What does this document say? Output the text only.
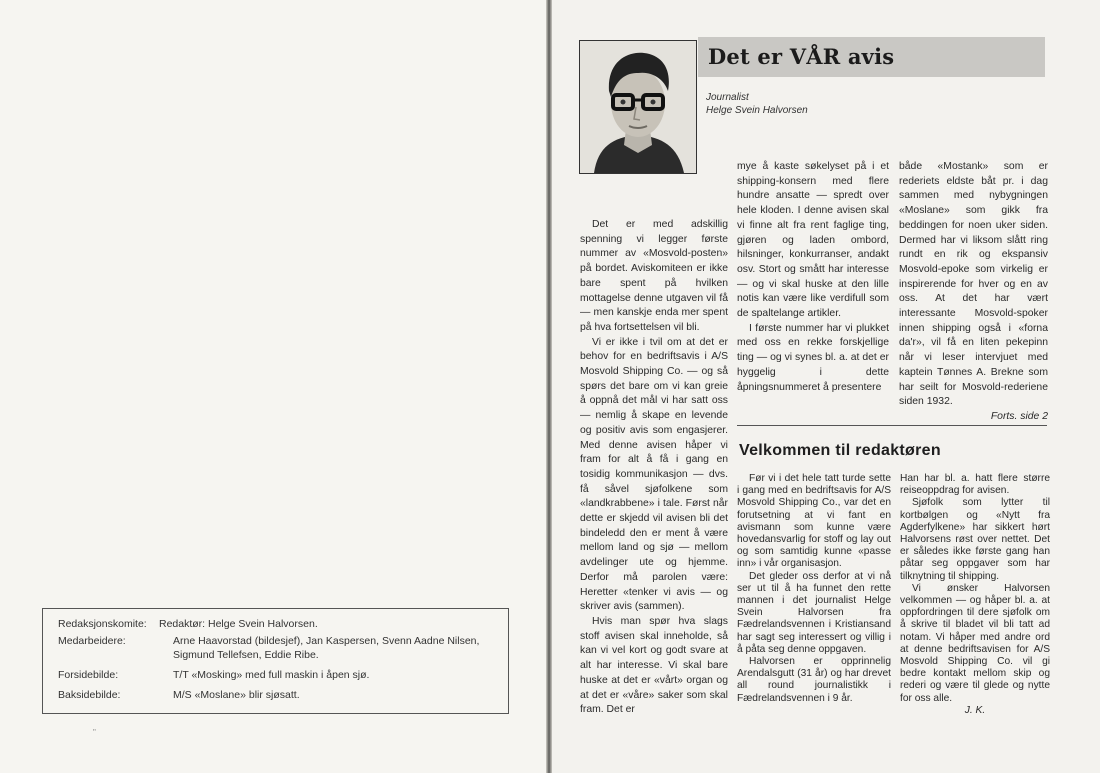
Redaksjonskomite:	Redaktør: Helge Svein Halvorsen.
Medarbeidere:	Arne Haavorstad (bildesjef), Jan Kaspersen, Svenn Aadne Nilsen, Sigmund Tellefsen, Eddie Ribe.
Forsidebilde:	T/T «Mosking» med full maskin i åpen sjø.
Baksidebilde:	M/S «Moslane» blir sjøsatt.
"
Det er VÅR avis
Journalist
Helge Svein Halvorsen

Det er med adskillig spenning vi legger første nummer av «Mosvold-posten» på bordet. Aviskomiteen er ikke bare spent på hvilken mottagelse denne utgaven vil få — men kanskje enda mer spent på hva fortsettelsen vil bli.

Vi er ikke i tvil om at det er behov for en bedriftsavis i A/S Mosvold Shipping Co. — og så spørs det bare om vi kan greie å oppnå det mål vi har satt oss — nemlig å skape en levende og positiv avis som engasjerer. Med denne avisen håper vi fram for alt å få i gang en tosidig kommunikasjon — dvs. få såvel sjøfolkene som «landkrabbene» i tale. Først når dette er skjedd vil avisen bli det bindeledd den er ment å være mellom land og sjø — mellom avdelinger ute og hjemme. Derfor må parolen være: Heretter «tenker vi avis — og skriver avis (sammen).

Hvis man spør hva slags stoff avisen skal inneholde, så kan vi vel kort og godt svare at alt har interesse. Vi skal bare huske at det er «vårt» organ og at det er «våre» saker som skal fram. Det er

mye å kaste søkelyset på i et shipping-konsern med flere hundre ansatte — spredt over hele kloden. I denne avisen skal vi finne alt fra rent faglige ting, gjøren og laden ombord, hilsninger, konkurranser, andakt osv. Stort og smått har interesse — og vi skal huske at den lille notis kan være like verdifull som de spaltelange artikler.

I første nummer har vi plukket med oss en rekke forskjellige ting — og vi synes bl. a. at det er hyggelig i dette åpningsnummeret å presentere

både «Mostank» som er rederiets eldste båt pr. i dag sammen med nybygningen «Moslane» som gikk fra beddingen for noen uker siden. Dermed har vi liksom slått ring rundt en rik og ekspansiv Mosvold-epoke som virkelig er inspirerende for hver og en av oss. At det har vært interessante Mosvold-spoker innen shipping også i «forna da'r», vil få en liten pekepinn når vi leser intervjuet med kaptein Tønnes A. Brekne som har seilt for Mosvold-rederiene siden 1932.

Forts. side 2

Velkommen til redaktøren

Før vi i det hele tatt turde sette i gang med en bedriftsavis for A/S Mosvold Shipping Co., var det en forutsetning at vi fant en avismann som kunne være hovedansvarlig for stoff og lay out og som samtidig kunne «passe inn» i vår organisasjon.

Det gleder oss derfor at vi nå ser ut til å ha funnet den rette mannen i det journalist Helge Svein Halvorsen fra Fædrelandsvennen i Kristiansand har sagt seg interessert og villig i å påta seg denne oppgaven.

Halvorsen er opprinnelig Arendalsgutt (31 år) og har drevet all round journalistikk i Fædrelandsvennen i 9 år.

Han har bl. a. hatt flere større reiseoppdrag for avisen.

Sjøfolk som lytter til kortbølgen og «Nytt fra Agderfylkene» har sikkert hørt Halvorsens røst over nettet. Det er således ikke første gang han påtar seg oppgaver som har tilknytning til shipping.

Vi ønsker Halvorsen velkommen — og håper bl. a. at oppfordringen til dere sjøfolk om å skrive til bladet vil bli tatt ad notam. Vi håper med andre ord at denne bedriftsavisen for A/S Mosvold Shipping Co. vil gi bedre kontakt mellom skip og rederi og være til glede og nytte for oss alle.

J. K.
